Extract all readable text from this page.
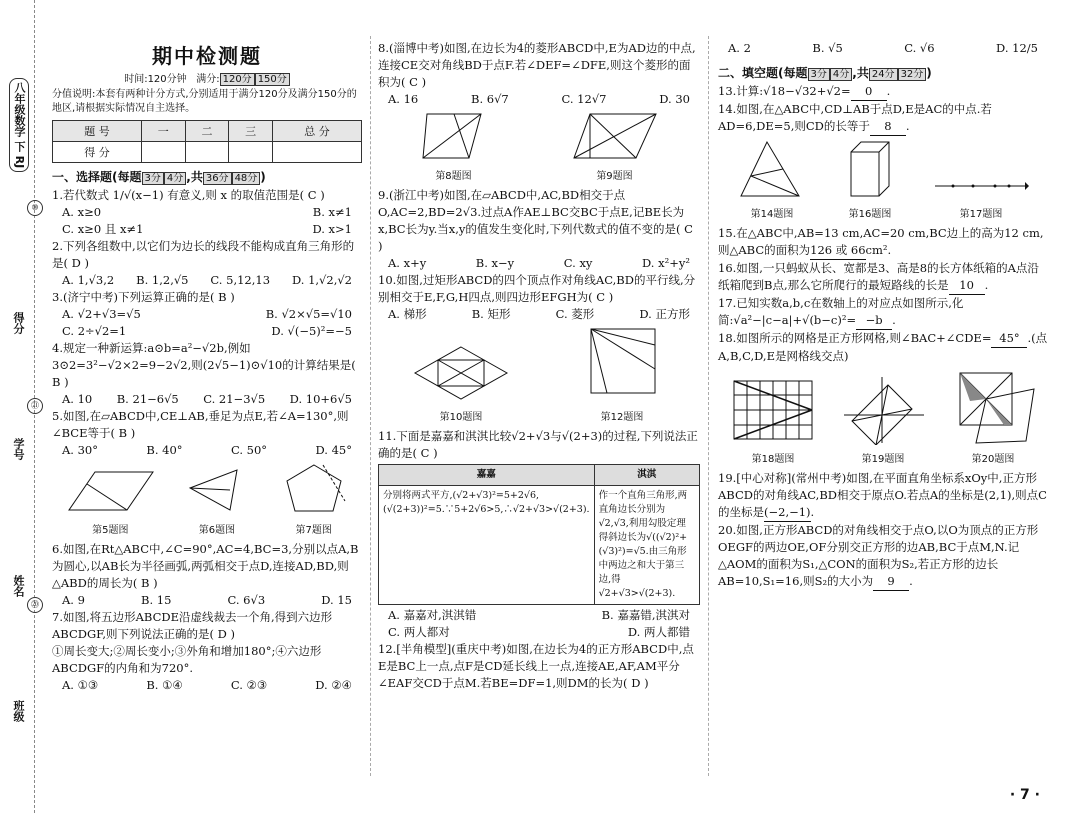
八年级数学 下 RJ
得分
学号
姓名
班级
⑩
㉑
⑳
期中检测题
时间:120分钟 满分: 120分 150分
分值说明:本套有两种计分方式,分别适用于满分120分及满分150分的地区,请根据实际情况自主选择。
题 号	一	二	三	总 分
得 分				
一、选择题(每题 3分 4分 ,共 36分 48分 )

1.若代数式 1/√(x−1) 有意义,则 x 的取值范围是( C )

A. x≥0	B. x≠1
C. x≥0 且 x≠1	D. x>1

2.下列各组数中,以它们为边长的线段不能构成直角三角形的是( D )

A. 1,√3,2 B. 1,2,√5 C. 5,12,13 D. 1,√2,√2

3.(济宁中考)下列运算正确的是( B )

A. √2+√3=√5	B. √2×√5=√10
C. 2÷√2=1	D. √(−5)²=−5

4.规定一种新运算:a⊙b=a²−√2b,例如3⊙2=3²−√2×2=9−2√2,则(2√5−1)⊙√10的计算结果是( B )

A. 10 B. 21−6√5 C. 21−3√5 D. 10+6√5

5.如图,在▱ABCD中,CE⊥AB,垂足为点E,若∠A=130°,则∠BCE等于( B )

A. 30°	B. 40°	C. 50°	D. 45°
第5题图	第6题图	第7题图

6.如图,在Rt△ABC中,∠C=90°,AC=4,BC=3,分别以点A,B为圆心,以AB长为半径画弧,两弧相交于点D,连接AD,BD,则△ABD的周长为( B )

A. 9	B. 15	C. 6√3	D. 15

7.如图,将五边形ABCDE沿虚线裁去一个角,得到六边形ABCDGF,则下列说法正确的是( D )

①周长变大;②周长变小;③外角和增加180°;④六边形ABCDGF的内角和为720°.

A. ①③	B. ①④	C. ②③	D. ②④

8.(淄博中考)如图,在边长为4的菱形ABCD中,E为AD边的中点,连接CE交对角线BD于点F.若∠DEF=∠DFE,则这个菱形的面积为( C )

A. 16	B. 6√7	C. 12√7	D. 30
第8题图	第9题图

9.(浙江中考)如图,在▱ABCD中,AC,BD相交于点O,AC=2,BD=2√3.过点A作AE⊥BC交BC于点E,记BE长为x,BC长为y.当x,y的值发生变化时,下列代数式的值不变的是( C )

A. x+y	B. x−y	C. xy	D. x²+y²

10.如图,过矩形ABCD的四个顶点作对角线AC,BD的平行线,分别相交于E,F,G,H四点,则四边形EFGH为( C )

A. 梯形	B. 矩形	C. 菱形	D. 正方形
第10题图	第12题图

11.下面是嘉嘉和淇淇比较√2+√3与√(2+3)的过程,下列说法正确的是( C )

嘉嘉	淇淇
分别将两式平方,(√2+√3)²=5+2√6,(√(2+3))²=5.∵5+2√6>5,∴√2+√3>√(2+3).	作一个直角三角形,两直角边长分别为√2,√3,利用勾股定理得斜边长为√((√2)²+(√3)²)=√5.由三角形中两边之和大于第三边,得√2+√3>√(2+3).
A. 嘉嘉对,淇淇错	B. 嘉嘉错,淇淇对
C. 两人都对	D. 两人都错

12.[半角模型](重庆中考)如图,在边长为4的正方形ABCD中,点E是BC上一点,点F是CD延长线上一点,连接AE,AF,AM平分∠EAF交CD于点M.若BE=DF=1,则DM的长为( D )

A. 2	B. √5	C. √6	D. 12/5
二、填空题(每题 3分 4分 ,共 24分 32分 )

13.计算:√18−√32+√2= 0 .

14.如图,在△ABC中,CD⊥AB于点D,E是AC的中点.若AD=6,DE=5,则CD的长等于 8 .

第14题图	第16题图	第17题图

15.在△ABC中,AB=13 cm,AC=20 cm,BC边上的高为12 cm,则△ABC的面积为126 或 66cm².

16.如图,一只蚂蚁从长、宽都是3、高是8的长方体纸箱的A点沿纸箱爬到B点,那么它所爬行的最短路线的长是 10 .

17.已知实数a,b,c在数轴上的对应点如图所示,化简:√a²−|c−a|+√(b−c)²= −b .

18.如图所示的网格是正方形网格,则∠BAC+∠CDE= 45° .(点A,B,C,D,E是网格线交点)

第18题图	第19题图	第20题图

19.[中心对称](常州中考)如图,在平面直角坐标系xOy中,正方形ABCD的对角线AC,BD相交于原点O.若点A的坐标是(2,1),则点C的坐标是(−2,−1).

20.如图,正方形ABCD的对角线相交于点O,以O为顶点的正方形OEGF的两边OE,OF分别交正方形的边AB,BC于点M,N.记△AOM的面积为S₁,△CON的面积为S₂,若正方形的边长AB=10,S₁=16,则S₂的大小为 9 .

· 7 ·
